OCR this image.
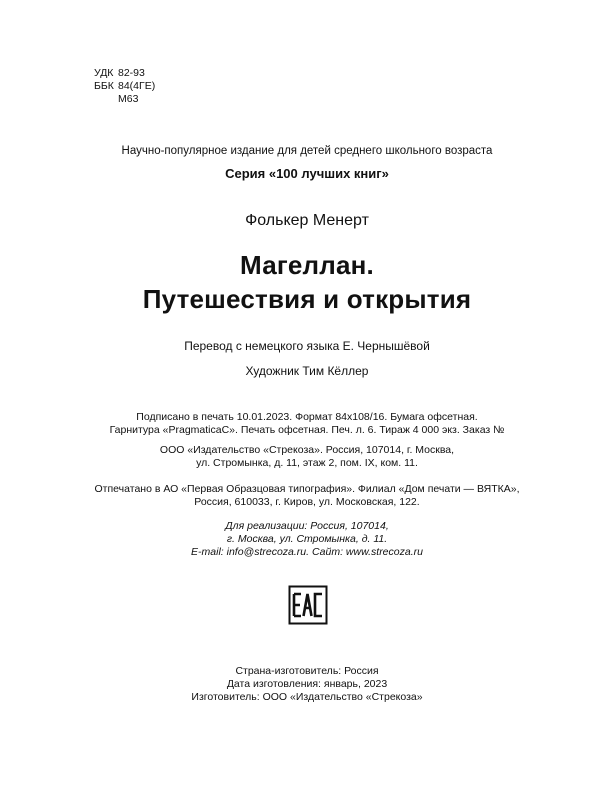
УДК 82-93
ББК 84(4ГЕ)
М63
Научно-популярное издание для детей среднего школьного возраста
Серия «100 лучших книг»
Фолькер Менерт
Магеллан.
Путешествия и открытия
Перевод с немецкого языка Е. Чернышёвой
Художник Тим Кёллер
Подписано в печать 10.01.2023. Формат 84х108/16. Бумага офсетная.
Гарнитура «PragmaticaC». Печать офсетная. Печ. л. 6. Тираж 4 000 экз. Заказ №
ООО «Издательство «Стрекоза». Россия, 107014, г. Москва,
ул. Стромынка, д. 11, этаж 2, пом. IX, ком. 11.
Отпечатано в АО «Первая Образцовая типография». Филиал «Дом печати — ВЯТКА»,
Россия, 610033, г. Киров, ул. Московская, 122.
Для реализации: Россия, 107014,
г. Москва, ул. Стромынка, д. 11.
E-mail: info@strecoza.ru. Сайт: www.strecoza.ru
Страна-изготовитель: Россия
Дата изготовления: январь, 2023
Изготовитель: ООО «Издательство «Стрекоза»
